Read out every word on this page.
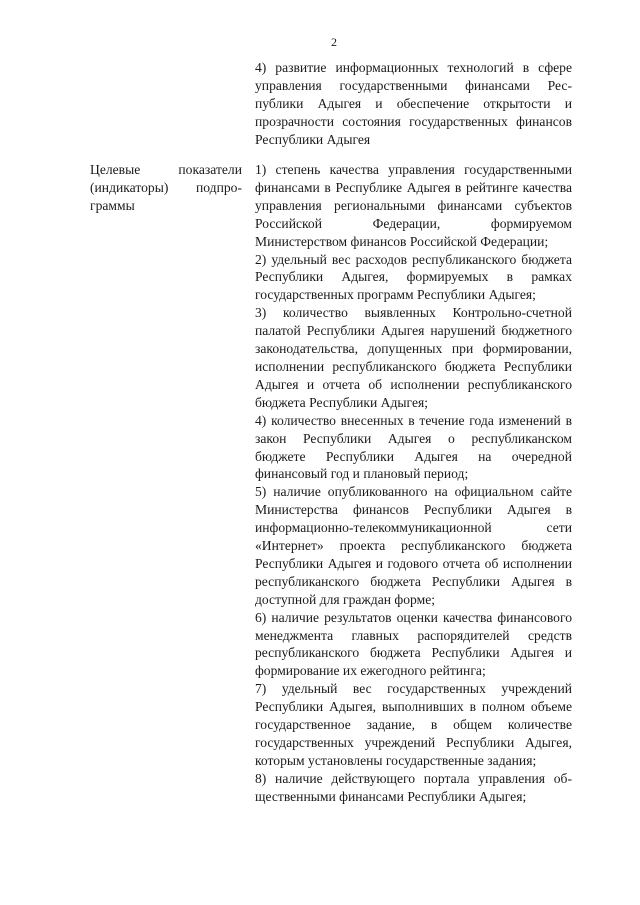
2

4) развитие информационных технологий в сфере управления государственными финансами Республики Адыгея и обеспечение открытости и прозрачности состояния государственных финансов Республики Адыгея

Целевые показатели (индикаторы) подпрограммы

1) степень качества управления государственными финансами в Республике Адыгея в рейтинге качества управления региональными финансами субъектов Российской Федерации, формируемом Министерством финансов Российской Федерации;

2) удельный вес расходов республиканского бюджета Республики Адыгея, формируемых в рамках государственных программ Республики Адыгея;

3) количество выявленных Контрольно-счетной палатой Республики Адыгея нарушений бюджетного законодательства, допущенных при формировании, исполнении республиканского бюджета Республики Адыгея и отчета об исполнении республиканского бюджета Республики Адыгея;

4) количество внесенных в течение года изменений в закон Республики Адыгея о республиканском бюджете Республики Адыгея на очередной финансовый год и плановый период;

5) наличие опубликованного на официальном сайте Министерства финансов Республики Адыгея в информационно-телекоммуникационной сети «Интернет» проекта республиканского бюджета Республики Адыгея и годового отчета об исполнении республиканского бюджета Республики Адыгея в доступной для граждан форме;

6) наличие результатов оценки качества финансового менеджмента главных распорядителей средств республиканского бюджета Республики Адыгея и формирование их ежегодного рейтинга;

7) удельный вес государственных учреждений Республики Адыгея, выполнивших в полном объеме государственное задание, в общем количестве государственных учреждений Республики Адыгея, которым установлены государственные задания;

8) наличие действующего портала управления общественными финансами Республики Адыгея;
